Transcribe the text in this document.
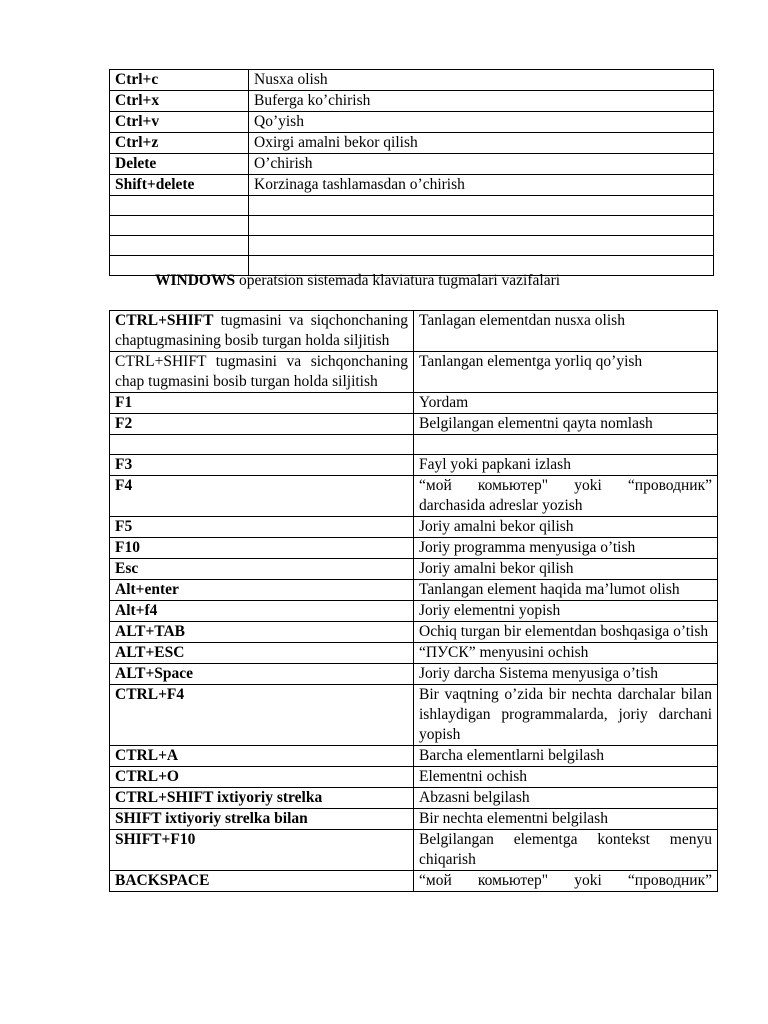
Ctrl+c	Nusxa olish
Ctrl+x	Buferga ko’chirish
Ctrl+v	Qo’yish
Ctrl+z	Oxirgi amalni bekor qilish
Delete	O’chirish
Shift+delete	Korzinaga tashlamasdan o’chirish

WINDOWS operatsion sistemada klaviatura tugmalari vazifalari
CTRL+SHIFT tugmasini va siqchonchaning chaptugmasining bosib turgan holda siljitish	Tanlagan elementdan nusxa olish
CTRL+SHIFT tugmasini va sichqonchaning chap tugmasini bosib turgan holda siljitish	Tanlangan elementga yorliq qo’yish
F1	Yordam
F2	Belgilangan elementni qayta nomlash

F3	Fayl yoki papkani izlash
F4	“мой комьютер" yoki “проводник” darchasida adreslar yozish
F5	Joriy amalni bekor qilish
F10	Joriy programma menyusiga o’tish
Esc	Joriy amalni bekor qilish
Alt+enter	Tanlangan element haqida ma’lumot olish
Alt+f4	Joriy elementni yopish
ALT+TAB	Ochiq turgan bir elementdan boshqasiga o’tish
ALT+ESC	“ПУСК” menyusini ochish
ALT+Space	Joriy darcha Sistema menyusiga o’tish
CTRL+F4	Bir vaqtning o’zida bir nechta darchalar bilan ishlaydigan programmalarda, joriy darchani yopish
CTRL+A	Barcha elementlarni belgilash
CTRL+O	Elementni ochish
CTRL+SHIFT ixtiyoriy strelka	Abzasni belgilash
SHIFT ixtiyoriy strelka bilan	Bir nechta elementni belgilash
SHIFT+F10	Belgilangan elementga kontekst menyu chiqarish
BACKSPACE	“мой комьютер" yoki “проводник”
